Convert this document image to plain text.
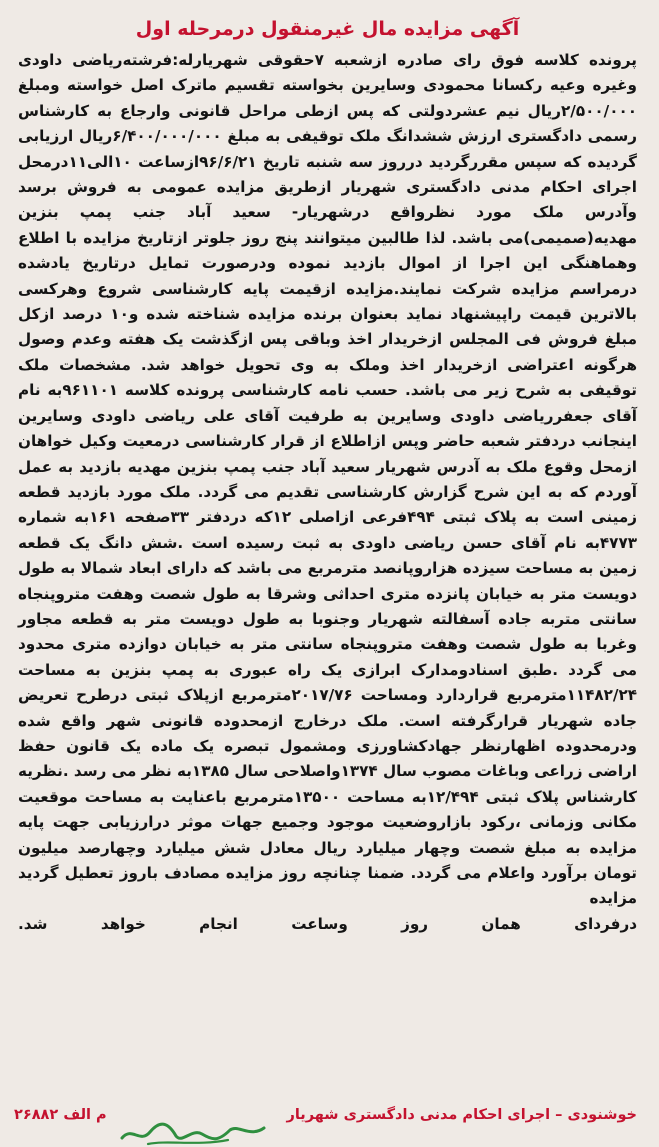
آگهی مزایده مال غیرمنقول درمرحله اول

پرونده کلاسه فوق رای صادره ازشعبه ۷حقوقی شهریارله:فرشته‌ریاضی داودی وغیره وعیه رکسانا محمودی وسایرین بخواسته تقسیم ماترک اصل خواسته ومبلغ ۲/۵۰۰/۰۰۰ریال نیم عشردولتی که پس ازطی مراحل قانونی وارجاع به کارشناس رسمی دادگستری ارزش ششدانگ ملک توقیفی به مبلغ ۶/۴۰۰/۰۰۰/۰۰۰ریال ارزیابی گردیده که سپس مقررگردید درروز سه شنبه تاریخ ۹۶/۶/۲۱ازساعت ۱۰الی۱۱درمحل اجرای احکام مدنی دادگستری شهریار ازطریق مزایده عمومی به فروش برسد وآدرس ملک مورد نظرواقع درشهریار- سعید آباد جنب پمپ بنزین مهدیه(صمیمی)می باشد. لذا طالبین میتوانند پنج روز جلوتر ازتاریخ مزایده با اطلاع وهماهنگی این اجرا از اموال بازدید نموده ودرصورت تمایل درتاریخ یادشده درمراسم مزایده شرکت نمایند.مزایده ازقیمت پایه کارشناسی شروع وهرکسی بالاترین قیمت راپیشنهاد نماید بعنوان برنده مزایده شناخته شده و۱۰ درصد ازکل مبلغ فروش فی المجلس ازخریدار اخذ وباقی پس ازگذشت یک هفته وعدم وصول هرگونه اعتراضی ازخریدار اخذ وملک به وی تحویل خواهد شد. مشخصات ملک توقیفی به شرح زیر می باشد. حسب نامه کارشناسی پرونده کلاسه ۹۶۱۱۰۱به نام آقای جعفرریاضی داودی وسایرین به طرفیت آقای علی ریاضی داودی وسایرین اینجانب دردفتر شعبه حاضر وپس ازاطلاع از قرار کارشناسی درمعیت وکیل خواهان ازمحل وقوع ملک به آدرس شهریار سعید آباد جنب پمپ بنزین مهدیه بازدید به عمل آوردم که به این شرح گزارش کارشناسی تقدیم می گردد. ملک مورد بازدید قطعه زمینی است به پلاک ثبتی ۴۹۴فرعی ازاصلی ۱۲که دردفتر ۳۳صفحه ۱۶۱به شماره ۴۷۷۳به نام آقای حسن ریاضی داودی به ثبت رسیده است .شش دانگ یک قطعه زمین به مساحت سیزده هزاروپانصد مترمربع می باشد که دارای ابعاد شمالا به طول دویست متر به خیابان پانزده متری احداثی وشرقا به طول شصت وهفت متروپنجاه سانتی متربه جاده آسفالته شهریار وجنوبا به طول دویست متر به قطعه مجاور وغربا به طول شصت وهفت متروپنجاه سانتی متر به خیابان دوازده متری محدود می گردد .طبق اسنادومدارک ابرازی یک راه عبوری به پمپ بنزین به مساحت ۱۱۴۸۲/۲۴مترمربع قراردارد ومساحت ۲۰۱۷/۷۶مترمربع ازپلاک ثبتی درطرح تعریض جاده شهریار قرارگرفته است. ملک درخارج ازمحدوده قانونی شهر واقع شده ودرمحدوده اظهارنظر جهادکشاورزی ومشمول تبصره یک ماده یک قانون حفظ اراضی زراعی وباغات مصوب سال ۱۳۷۴واصلاحی سال ۱۳۸۵به نظر می رسد .نظریه کارشناس پلاک ثبتی ۱۲/۴۹۴به مساحت ۱۳۵۰۰مترمربع باعنایت به مساحت موقعیت مکانی وزمانی ،رکود بازاروضعیت موجود وجمیع جهات موثر درارزیابی جهت پایه مزایده به مبلغ شصت وچهار میلیارد ریال معادل شش میلیارد وچهارصد میلیون تومان برآورد واعلام می گردد. ضمنا چنانچه روز مزایده مصادف باروز تعطیل گردید مزایده

درفردای همان روز وساعت انجام خواهد شد.

خوشنودی – اجرای احکام مدنی دادگستری شهریار
م الف ۲۶۸۸۲
